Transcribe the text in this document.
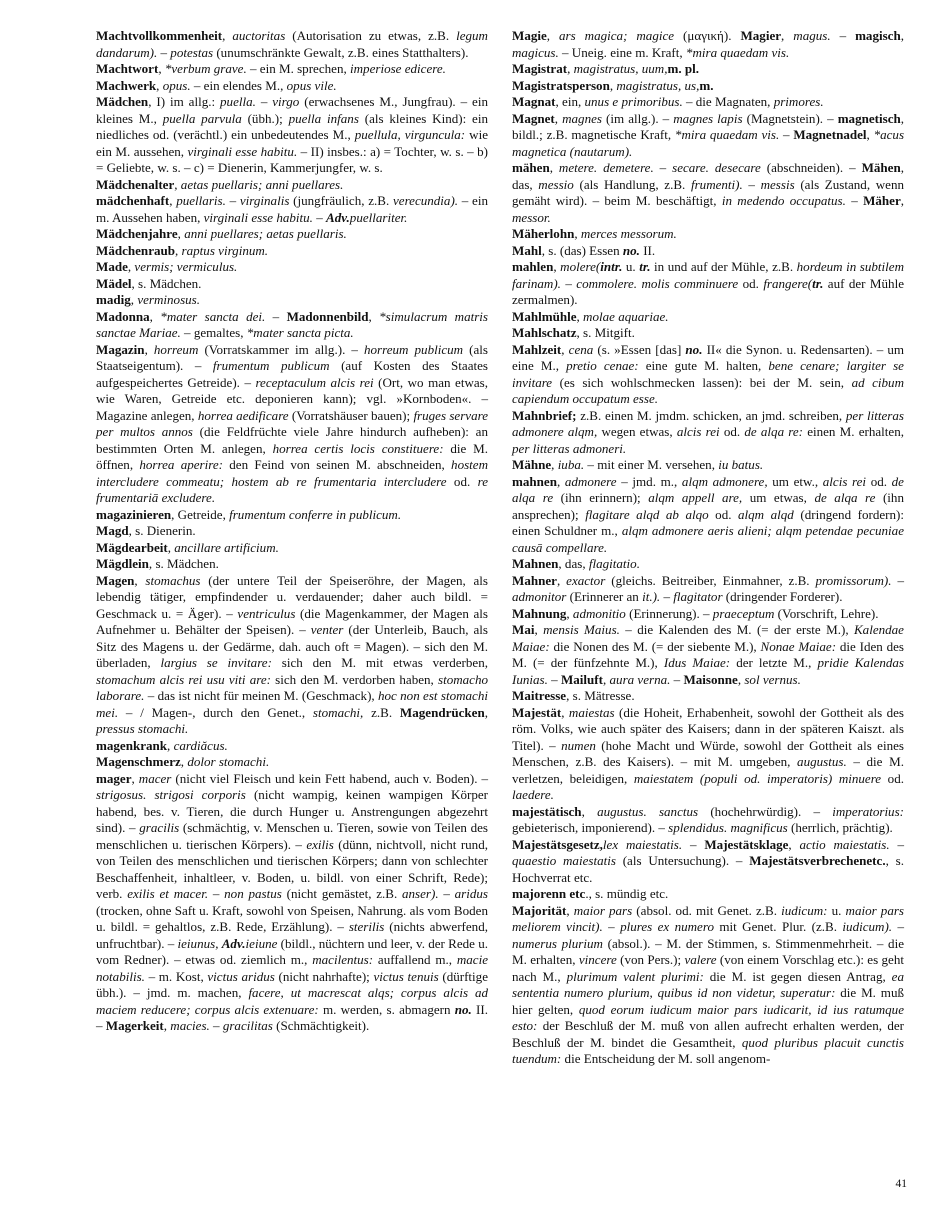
Machtvollkommenheit, auctoritas (Autorisation zu etwas, z.B. legum dandarum). – potestas (unumschränkte Gewalt, z.B. eines Statthalters).

Machtwort, *verbum grave. – ein M. sprechen, imperiose edicere.

Machwerk, opus. – ein elendes M., opus vile.

Mädchen, I) im allg.: puella. – virgo (erwachsenes M., Jungfrau). – ein kleines M., puella parvula (übh.); puella infans (als kleines Kind): ein niedliches od. (verächtl.) ein unbedeutendes M., puellula, virguncula: wie ein M. aussehen, virginali esse habitu. – II) insbes.: a) = Tochter, w. s. – b) = Geliebte, w. s. – c) = Dienerin, Kammerjungfer, w. s.

Mädchenalter, aetas puellaris; anni puellares.

mädchenhaft, puellaris. – virginalis (jungfräulich, z.B. verecundia). – ein m. Aussehen haben, virginali esse habitu. – Adv.puellariter.

Mädchenjahre, anni puellares; aetas puellaris.

Mädchenraub, raptus virginum.

Made, vermis; vermiculus.

Mädel, s. Mädchen.

madig, verminosus.

Madonna, *mater sancta dei. – Madonnenbild, *simulacrum matris sanctae Mariae. – gemaltes, *mater sancta picta.

Magazin, horreum (Vorratskammer im allg.). – horreum publicum (als Staatseigentum). – frumentum publicum (auf Kosten des Staates aufgespeichertes Getreide). – receptaculum alcis rei (Ort, wo man etwas, wie Waren, Getreide etc. deponieren kann); vgl. »Kornboden«. – Magazine anlegen, horrea aedificare (Vorratshäuser bauen); fruges servare per multos annos (die Feldfrüchte viele Jahre hindurch aufheben): an bestimmten Orten M. anlegen, horrea certis locis constituere: die M. öffnen, horrea aperire: den Feind von seinen M. abschneiden, hostem intercludere commeatu; hostem ab re frumentaria intercludere od. re frumentariā excludere.

magazinieren, Getreide, frumentum conferre in publicum.

Magd, s. Dienerin.

Mägdearbeit, ancillare artificium.

Mägdlein, s. Mädchen.

Magen, stomachus (der untere Teil der Speiseröhre, der Magen, als lebendig tätiger, empfindender u. verdauender; daher auch bildl. = Geschmack u. = Äger). – ventriculus (die Magenkammer, der Magen als Aufnehmer u. Behälter der Speisen). – venter (der Unterleib, Bauch, als Sitz des Magens u. der Gedärme, dah. auch oft = Magen). – sich den M. überladen, largius se invitare: sich den M. mit etwas verderben, stomachum alcis rei usu viti are: sich den M. verdorben haben, stomacho laborare. – das ist nicht für meinen M. (Geschmack), hoc non est stomachi mei. – / Magen-, durch den Genet., stomachi, z.B. Magendrücken, pressus stomachi.

magenkrank, cardiăcus.

Magenschmerz, dolor stomachi.

mager, macer (nicht viel Fleisch und kein Fett habend, auch v. Boden). – strigosus. strigosi corporis (nicht wampig, keinen wampigen Körper habend, bes. v. Tieren, die durch Hunger u. Anstrengungen abgezehrt sind). – gracilis (schmächtig, v. Menschen u. Tieren, sowie von Teilen des menschlichen u. tierischen Körpers). – exilis (dünn, nichtvoll, nicht rund, von Teilen des menschlichen und tierischen Körpers; dann von schlechter Beschaffenheit, inhaltleer, v. Boden, u. bildl. von einer Schrift, Rede); verb. exilis et macer. – non pastus (nicht gemästet, z.B. anser). – aridus (trocken, ohne Saft u. Kraft, sowohl von Speisen, Nahrung. als vom Boden u. bildl. = gehaltlos, z.B. Rede, Erzählung). – sterilis (nichts abwerfend, unfruchtbar). – ieiunus, Adv.ieiune (bildl., nüchtern und leer, v. der Rede u. vom Redner). – etwas od. ziemlich m., macilentus: auffallend m., macie notabilis. – m. Kost, victus aridus (nicht nahrhafte); victus tenuis (dürftige übh.). – jmd. m. machen, facere, ut macrescat alqs; corpus alcis ad maciem reducere; corpus alcis extenuare: m. werden, s. abmagern no. II. – Magerkeit, macies. – gracilitas (Schmächtigkeit).

Magie, ars magica; magice (μαγική). Magier, magus. – magisch, magicus. – Uneig. eine m. Kraft, *mira quaedam vis.

Magistrat, magistratus, uum,m. pl.

Magistratsperson, magistratus, us,m.

Magnat, ein, unus e primoribus. – die Magnaten, primores.

Magnet, magnes (im allg.). – magnes lapis (Magnetstein). – magnetisch, bildl.; z.B. magnetische Kraft, *mira quaedam vis. – Magnetnadel, *acus magnetica (nautarum).

mähen, metere. demetere. – secare. desecare (abschneiden). – Mähen, das, messio (als Handlung, z.B. frumenti). – messis (als Zustand, wenn gemäht wird). – beim M. beschäftigt, in medendo occupatus. – Mäher, messor.

Mäherlohn, merces messorum.

Mahl, s. (das) Essen no. II.

mahlen, molere(intr. u. tr. in und auf der Mühle, z.B. hordeum in subtilem farinam). – commolere. molis comminuere od. frangere(tr. auf der Mühle zermalmen).

Mahlmühle, molae aquariae.

Mahlschatz, s. Mitgift.

Mahlzeit, cena (s. »Essen [das] no. II« die Synon. u. Redensarten). – um eine M., pretio cenae: eine gute M. halten, bene cenare; largiter se invitare (es sich wohlschmecken lassen): bei der M. sein, ad cibum capiendum occupatum esse.

Mahnbrief; z.B. einen M. jmdm. schicken, an jmd. schreiben, per litteras admonere alqm, wegen etwas, alcis rei od. de alqa re: einen M. erhalten, per litteras admoneri.

Mähne, iuba. – mit einer M. versehen, iu batus.

mahnen, admonere – jmd. m., alqm admonere, um etw., alcis rei od. de alqa re (ihn erinnern); alqm appell are, um etwas, de alqa re (ihn ansprechen); flagitare alqd ab alqo od. alqm alqd (dringend fordern): einen Schuldner m., alqm admonere aeris alieni; alqm petendae pecuniae causā compellare.

Mahnen, das, flagitatio.

Mahner, exactor (gleichs. Beitreiber, Einmahner, z.B. promissorum). – admonitor (Erinnerer an it.). – flagitator (dringender Forderer).

Mahnung, admonitio (Erinnerung). – praeceptum (Vorschrift, Lehre).

Mai, mensis Maius. – die Kalenden des M. (= der erste M.), Kalendae Maiae: die Nonen des M. (= der siebente M.), Nonae Maiae: die Iden des M. (= der fünfzehnte M.), Idus Maiae: der letzte M., pridie Kalendas Iunias. – Mailuft, aura verna. – Maisonne, sol vernus.

Maitresse, s. Mätresse.

Majestät, maiestas (die Hoheit, Erhabenheit, sowohl der Gottheit als des röm. Volks, wie auch später des Kaisers; dann in der späteren Kaiszt. als Titel). – numen (hohe Macht und Würde, sowohl der Gottheit als eines Menschen, z.B. des Kaisers). – mit M. umgeben, augustus. – die M. verletzen, beleidigen, maiestatem (populi od. imperatoris) minuere od. laedere.

majestätisch, augustus. sanctus (hochehrwürdig). – imperatorius: gebieterisch, imponierend). – splendidus. magnificus (herrlich, prächtig).

Majestätsgesetz,lex maiestatis. – Majestätsklage, actio maiestatis. – quaestio maiestatis (als Untersuchung). – Majestätsverbrechenetc., s. Hochverrat etc.

majorenn etc., s. mündig etc.

Majorität, maior pars (absol. od. mit Genet. z.B. iudicum: u. maior pars meliorem vincit). – plures ex numero mit Genet. Plur. (z.B. iudicum). – numerus plurium (absol.). – M. der Stimmen, s. Stimmenmehrheit. – die M. erhalten, vincere (von Pers.); valere (von einem Vorschlag etc.): es geht nach M., plurimum valent plurimi: die M. ist gegen diesen Antrag, ea sententia numero plurium, quibus id non videtur, superatur: die M. muß hier gelten, quod eorum iudicum maior pars iudicarit, id ius ratumque esto: der Beschluß der M. muß von allen aufrecht erhalten werden, der Beschluß der M. bindet die Gesamtheit, quod pluribus placuit cunctis tuendum: die Entscheidung der M. soll angenom-

41
